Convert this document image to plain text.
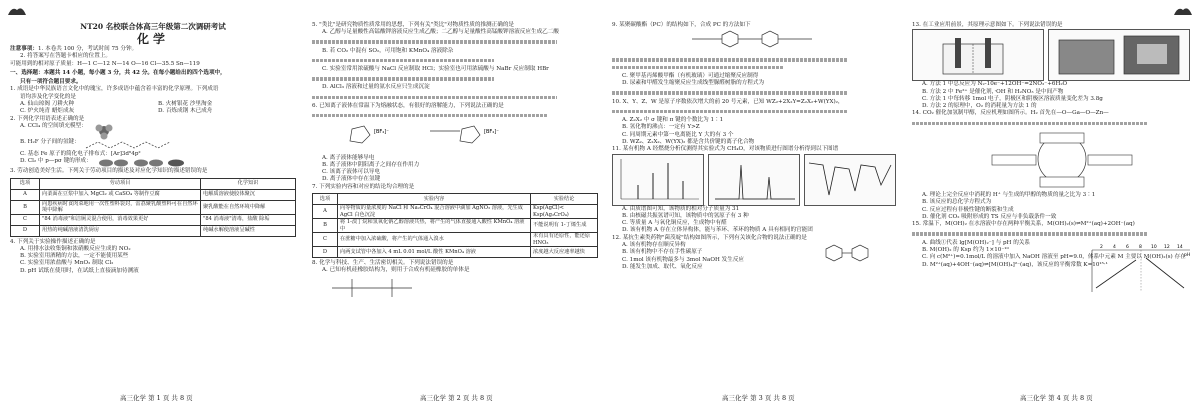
NT20 名校联合体高三年级第二次调研考试
化学
注意事项：1. 本卷共 100 分，考试时间 75 分钟。
2. 将答案写在答题卡相应的位置上。
可能用到的相对原子质量：H—1 C—12 N—14 O—16 Cl—35.5 Sn—119
一、选择题：本题共 14 小题，每小题 3 分，共 42 分。在每小题给出的四个选项中，
只有一项符合题目要求。
1. 成语是中华民族语言文化中的瑰宝，许多成语中蕴含着丰富的化学原理。下列成语
语均涉及化学变化的是
A. 仙山琼阁 刀耕火种	B. 火树银花 沙里淘金
C. 炉火纯青 蜡炬成灰	D. 百炼成钢 木已成舟
2. 下列化学用语表述正确的是
A. CCl₄ 的空间填充模型：
B. H₂F 分子间的氢键：
C. 基态 Fe 原子的简化电子排布式：[Ar]3d⁶4p²
D. Cl₂ 中 p—pσ 键的形成：
3. 劳动创造美好生活。下列关于劳动项目的描述及对应化学知识的描述错误的是
选项	劳动项目	化学知识
A	向柔面在豆浆中加入 MgCl₂ 或 CaSO₄ 等制作豆腐	电解质溶液使胶体聚沉
B	向患疾病时食肉菜地用一次性塑料袋封，雷荔聚乳酸塑料可在自然环境中降解	聚乳酸能在自然环境中降解
C	"84 消毒液"和洁厕灵混合使用，消毒效果更好	"84 消毒液"清毒，盐酸 除垢
D	用热的纯碱溶液清洗厨房	纯碱水解使溶液呈碱性
4. 下列关于实验操作描述正确的是
A. 用排水法收集铜和浓硝酸反应生成的 NO₂
B. 实验室用酒精的方法，一定不能使用某些
C. 实验室用浓盐酸与 MnO₂ 制取 Cl₂
D. pH 试纸在使用时，在试纸上直接滴加待测液
5. "类比"是研究物质性质常用的思想，下列有关"类比"对物质性质的推测正确的是
A. 乙醇与足量酸性高锰酸钾溶液反应生成乙酸；二乙醇与足量酸性高锰酸钾溶液反应生成乙二酸
B. 若 CO₂ 中混有 SO₂，可用饱和 KMnO₄ 溶液除杂
C. 实验室常用浓硫酸与 NaCl 反应制取 HCl；实验室也可用浓硫酸与 NaBr 反应制取 HBr
D. AlCl₃ 溶液和过量的氨水反应只生成沉淀
6. 已知离子液体在常温下为熔融状态，有很好的溶解能力，下列说法正确的是
[BF₄]⁻	[BF₄]⁻
A. 离子液体能够导电
B. 离子液体中阴阳离子之间存在作用力
C. 该离子液体可以导电
D. 离子液体中存在氢键
7. 下列实验内容和对应的结论均合理的是
选项	实验内容	实验结论
A	向等物质的量浓度的 NaCl 和 Na₂CrO₄ 混合溶液中滴加 AgNO₃ 溶液，先生成 AgCl 白色沉淀	Ksp(AgCl)< Ksp(Ag₂CrO₄)
B	将 1-溴丁烷和氢氧化钠乙醇溶液共热，将产生的气体直接通入酸性 KMnO₄ 溶液中	不能说明有 1-丁烯生成
C	在蔗糖中加入浓硫酸，将产生的气体通入溴水	未有具有还原性，能还原 HNO₃
D	向两支试管中各加入 4 mL 0.01 mol/L 酸性 KMnO₄ 溶液	浓度越大反应速率越快
8. 化学与科技、生产、生活密切相关。下列说法错误的是
A. 已知有机硅橡胶结构为，则用于合成有机硅橡胶的单体是
9. 某聚碳酸酯（PC）的结构如下，合成 PC 的方法如下
C. 聚甲基丙烯酸甲酯（有机玻璃）可通过缩聚反应制得
D. 尿素和甲醛发生缩聚反应生成线型脲醛树脂的方程式为
10. X、Y、Z、W 是原子序数依次增大的前 20 号元素，已知 WZ₂+2X₂Y=Z₂X₂+W(YX)₂，
A. Z₂X₂ 中 σ 键和 π 键的个数比为 1∶1
B. 氢化物的沸点：一定有 Y>Z
C. 同周期元素中第一电离能比 Y 大的有 3 个
D. WZ₂、Z₂X₂、W(YX)₂ 都是含共价键的离子化合物
11. 某有机物 A 经燃烧分析仪测得其实验式为 CH₄O，对该物质进行图谱分析得到以下图谱
A. 由质谱图可知，该物质的相对分子质量为 31
B. 由核磁共振氢谱可知，该物质中的氢原子有 3 种
C. 等质量 A 与氧化铜反应，生成物中有醛
D. 该有机物 A 存在立体异构体，能与苯环、苯环的物质 A 具有相同的官能团
12. 某抗生素类药物"菌茂啶"结构如图所示，下列有关该化合物的说法正确的是
A. 该有机物存在顺反异构
B. 该有机物中不存在手性碳原子
C. 1mol 该有机物最多与 3mol NaOH 发生反应
D. 能发生加成、取代、氧化反应
13. 在工业应用前景，其原理示意图如下。下列说法错误的是
A. 方法 1 中总反应为 N₂-10e⁻+12OH⁻=2NO₃⁻+6H₂O
B. 方法 2 中 Fe²⁺ 是催化剂，·OH 和 H₂NO₃ 是中间产物
C. 方法 1 中每转移 1mol 电子，阴极区和阴极区溶液质量变化差为 3.8g
D. 方法 2 的原理中，O₂ 的消耗量为方法 1 的
14. CO₂ 催化加氢制甲醇，反应机理如图所示。H₂ 首先在—O—Ga—O—Zn—
A. 理论上完全反应中消耗的 H⁺ 与生成的甲醇的物质的量之比为 3∶1
B. 该反应的总化学方程式为
C. 反应过程有非极性键的断裂和生成
D. 催化剂 CO₂ 吸附形成的 TS 反应与非负载条件一致
15. 常温下，M(OH)₂ 在水溶液中存在两种平衡关系，M(OH)₂(s)⇌M²⁺(aq)+2OH⁻(aq)
A. 曲线①代表 lg[M(OH)₂⁻] 与 pH 的关系
B. M(OH)₂ 的 Ksp 约为 1×10⁻¹⁰
C. 向 c(M²⁺)=0.1mol/L 的溶液中加入 NaOH 溶液至 pH=9.0，体系中元素 M 主要以 M(OH)₂(s) 存在
D. M²⁺(aq)+4OH⁻(aq)⇌[M(OH)₄]²⁻(aq)，该反应的平衡常数 K=10¹⁵·¹
2 4 6 8 10 12 14
pH
高三化学 第 1 页 共 8 页	高三化学 第 2 页 共 8 页	高三化学 第 3 页 共 8 页	高三化学 第 4 页 共 8 页
